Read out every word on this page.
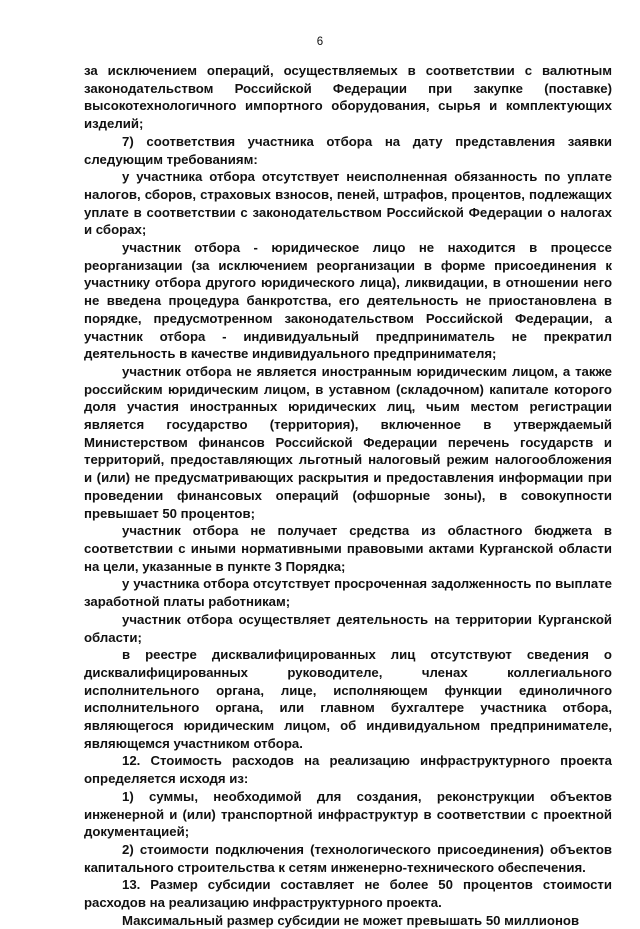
6

за исключением операций, осуществляемых в соответствии с валютным законодательством Российской Федерации при закупке (поставке) высокотехнологичного импортного оборудования, сырья и комплектующих изделий;

7) соответствия участника отбора на дату представления заявки следующим требованиям:

у участника отбора отсутствует неисполненная обязанность по уплате налогов, сборов, страховых взносов, пеней, штрафов, процентов, подлежащих уплате в соответствии с законодательством Российской Федерации о налогах и сборах;

участник отбора - юридическое лицо не находится в процессе реорганизации (за исключением реорганизации в форме присоединения к участнику отбора другого юридического лица), ликвидации, в отношении него не введена процедура банкротства, его деятельность не приостановлена в порядке, предусмотренном законодательством Российской Федерации, а участник отбора - индивидуальный предприниматель не прекратил деятельность в качестве индивидуального предпринимателя;

участник отбора не является иностранным юридическим лицом, а также российским юридическим лицом, в уставном (складочном) капитале которого доля участия иностранных юридических лиц, чьим местом регистрации является государство (территория), включенное в утверждаемый Министерством финансов Российской Федерации перечень государств и территорий, предоставляющих льготный налоговый режим налогообложения и (или) не предусматривающих раскрытия и предоставления информации при проведении финансовых операций (офшорные зоны), в совокупности превышает 50 процентов;

участник отбора не получает средства из областного бюджета в соответствии с иными нормативными правовыми актами Курганской области на цели, указанные в пункте 3 Порядка;

у участника отбора отсутствует просроченная задолженность по выплате заработной платы работникам;

участник отбора осуществляет деятельность на территории Курганской области;

в реестре дисквалифицированных лиц отсутствуют сведения о дисквалифицированных руководителе, членах коллегиального исполнительного органа, лице, исполняющем функции единоличного исполнительного органа, или главном бухгалтере участника отбора, являющегося юридическим лицом, об индивидуальном предпринимателе, являющемся участником отбора.

12. Стоимость расходов на реализацию инфраструктурного проекта определяется исходя из:

1) суммы, необходимой для создания, реконструкции объектов инженерной и (или) транспортной инфраструктур в соответствии с проектной документацией;

2) стоимости подключения (технологического присоединения) объектов капитального строительства к сетям инженерно-технического обеспечения.

13. Размер субсидии составляет не более 50 процентов стоимости расходов на реализацию инфраструктурного проекта.

Максимальный размер субсидии не может превышать 50 миллионов
